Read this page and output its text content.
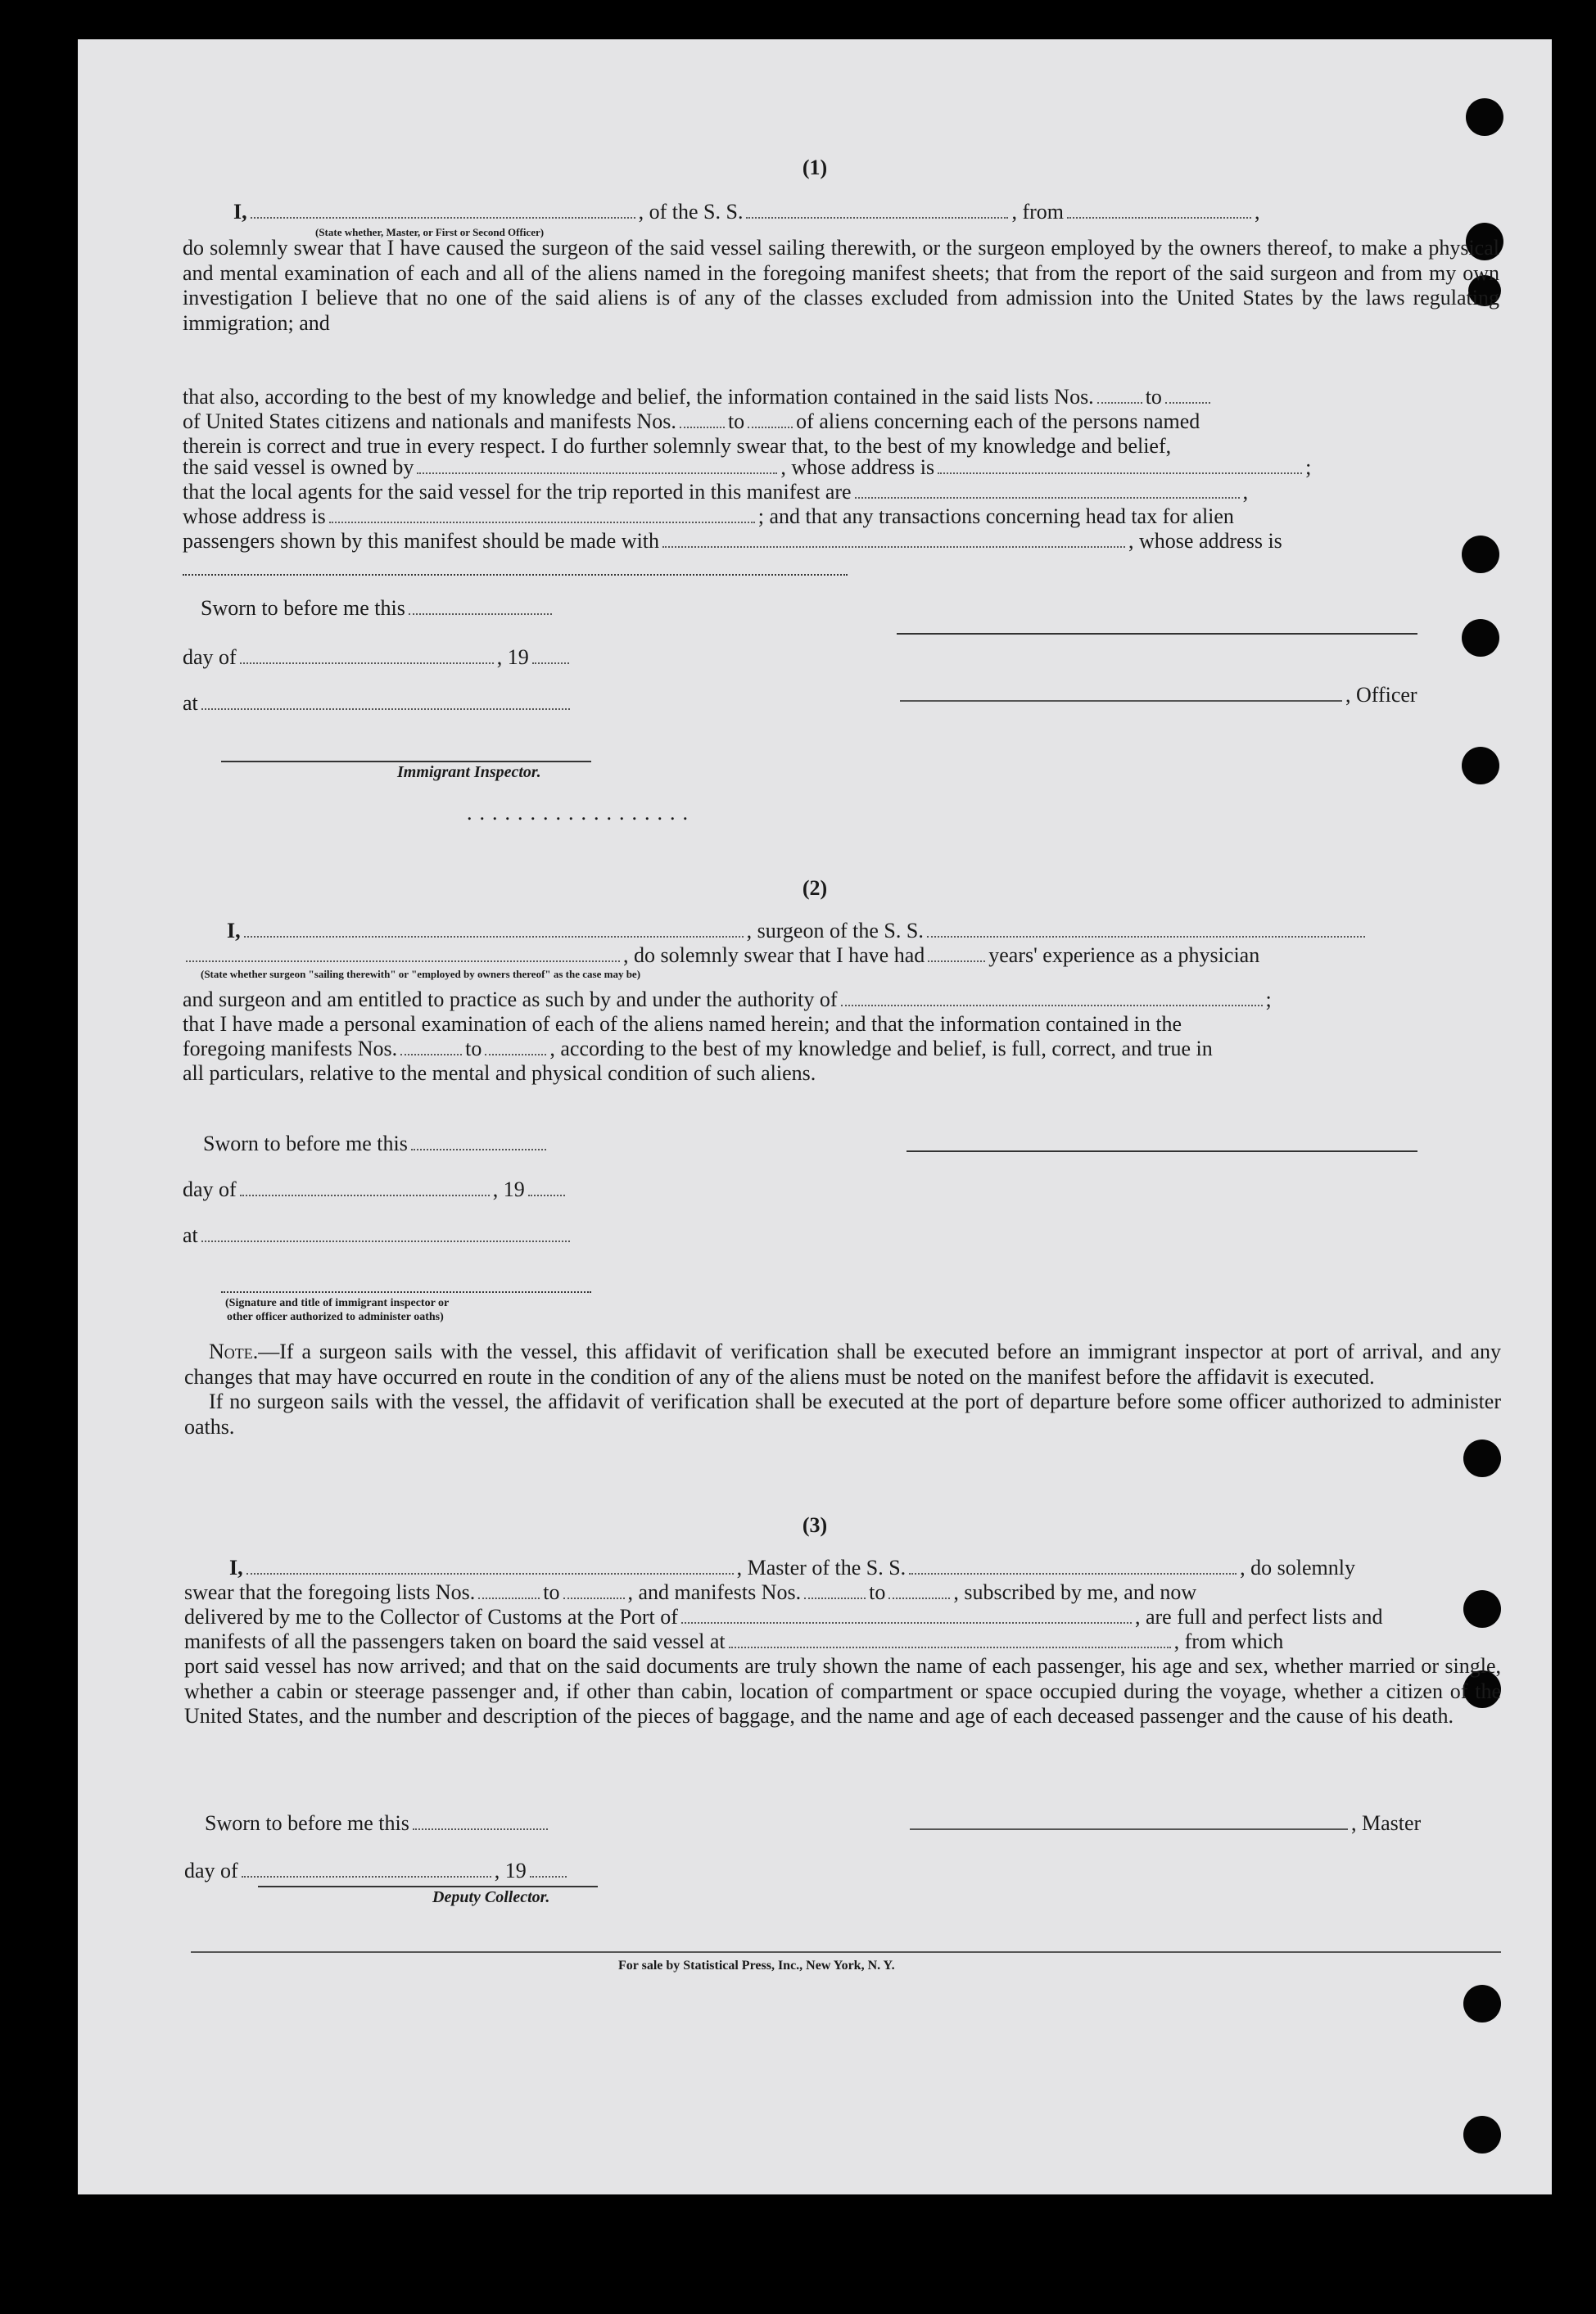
(1)
I,	, of the S. S.	, from	,
(State whether, Master, or First or Second Officer)

do solemnly swear that I have caused the surgeon of the said vessel sailing therewith, or the surgeon employed by the owners thereof, to make a physical and mental examination of each and all of the aliens named in the foregoing manifest sheets; that from the report of the said surgeon and from my own investigation I believe that no one of the said aliens is of any of the classes excluded from admission into the United States by the laws regulating immigration; and

that also, according to the best of my knowledge and belief, the information contained in the said lists Nos. to
of United States citizens and nationals and manifests Nos. to of aliens concerning each of the persons named
therein is correct and true in every respect. I do further solemnly swear that, to the best of my knowledge and belief,
the said vessel is owned by	, whose address is	;
that the local agents for the said vessel for the trip reported in this manifest are	,
whose address is	; and that any transactions concerning head tax for alien
passengers shown by this manifest should be made with	, whose address is
Sworn to before me this
day of	, 19
at	, Officer
Immigrant Inspector.
..................
(2)
I,	, surgeon of the S. S.
, do solemnly swear that I have had	years' experience as a physician
(State whether surgeon "sailing therewith" or "employed by owners thereof" as the case may be)
and surgeon and am entitled to practice as such by and under the authority of	;
that I have made a personal examination of each of the aliens named herein; and that the information contained in the
foregoing manifests Nos.	to	, according to the best of my knowledge and belief, is full, correct, and true in
all particulars, relative to the mental and physical condition of such aliens.
Sworn to before me this
day of	, 19
at
(Signature and title of immigrant inspector or
other officer authorized to administer oaths)

Note.—If a surgeon sails with the vessel, this affidavit of verification shall be executed before an immigrant inspector at port of arrival, and any changes that may have occurred en route in the condition of any of the aliens must be noted on the manifest before the affidavit is executed.

If no surgeon sails with the vessel, the affidavit of verification shall be executed at the port of departure before some officer authorized to administer oaths.

(3)
I,	, Master of the S. S.	, do solemnly
swear that the foregoing lists Nos.	to	, and manifests Nos.	to	, subscribed by me, and now
delivered by me to the Collector of Customs at the Port of	, are full and perfect lists and
manifests of all the passengers taken on board the said vessel at	, from which

port said vessel has now arrived; and that on the said documents are truly shown the name of each passenger, his age and sex, whether married or single, whether a cabin or steerage passenger and, if other than cabin, location of compartment or space occupied during the voyage, whether a citizen of the United States, and the number and description of the pieces of baggage, and the name and age of each deceased passenger and the cause of his death.

Sworn to before me this	, Master
day of	, 19
Deputy Collector.
For sale by Statistical Press, Inc., New York, N. Y.
